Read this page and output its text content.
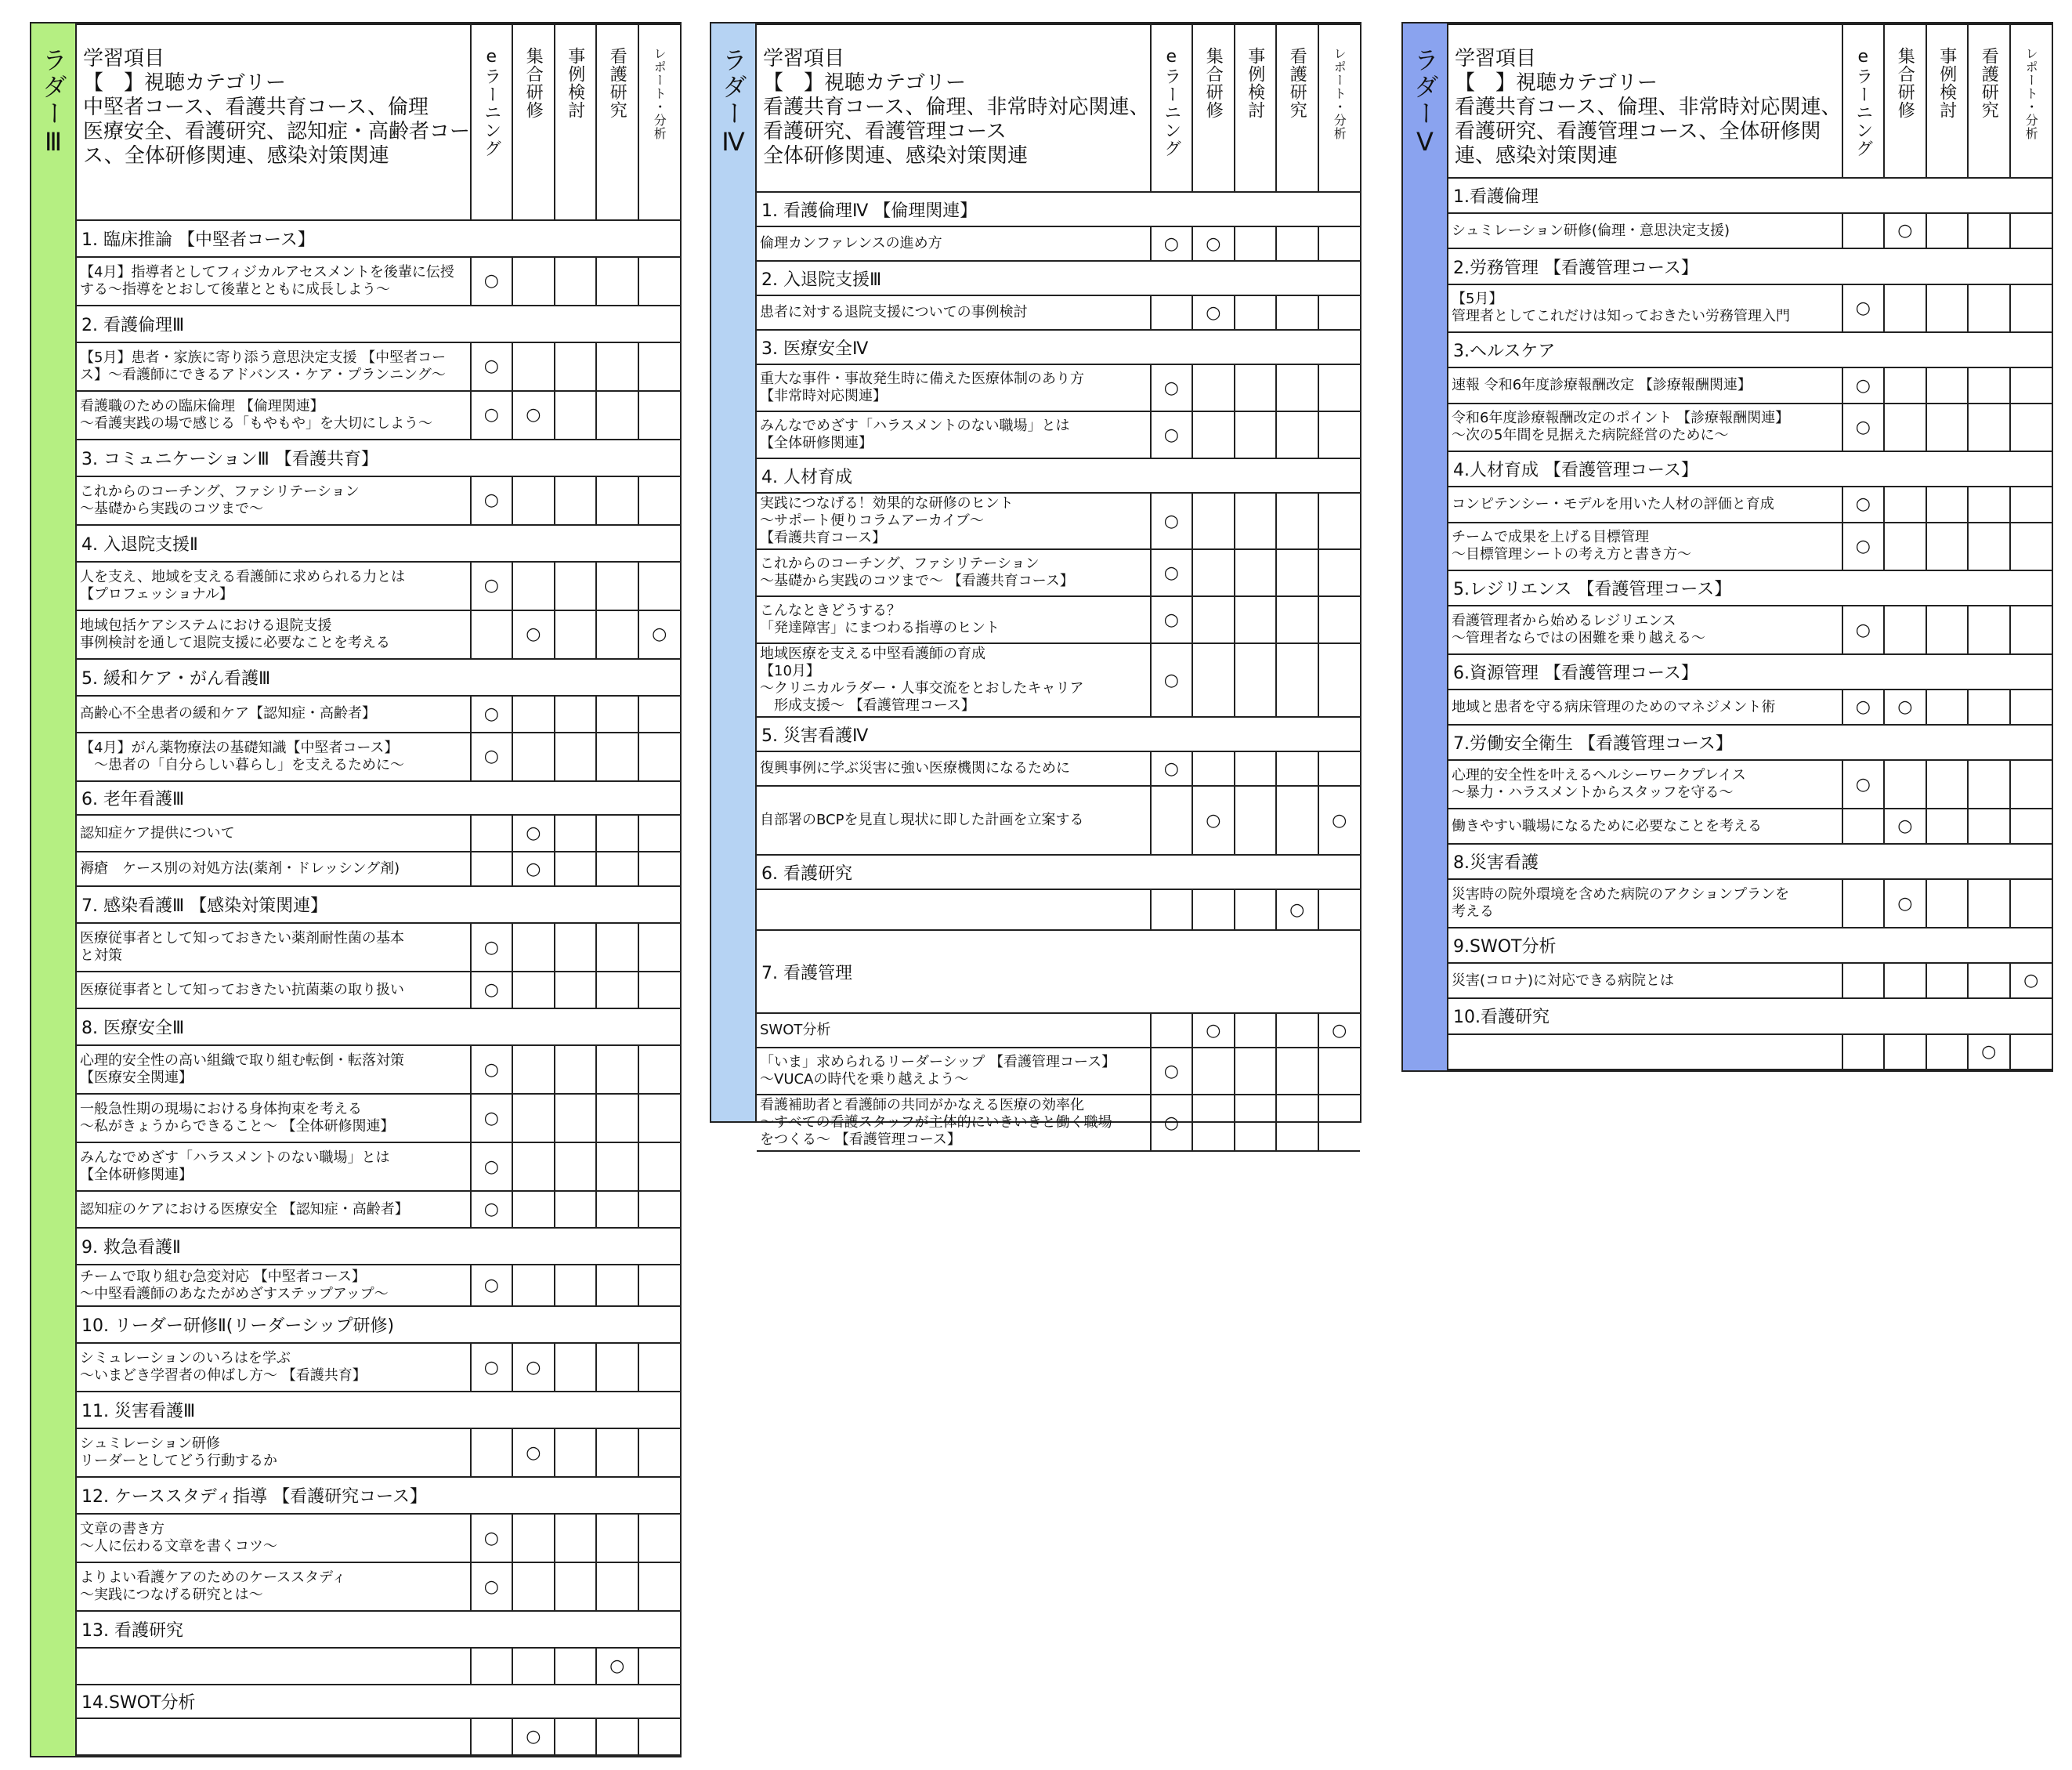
ラダーⅢ 学習項目
【　】視聴カテゴリー
中堅者コース、看護共育コース、倫理
医療安全、看護研究、認知症・高齢者コー
ス、全体研修関連、感染対策関連	eラーニング	集合研修	事例検討	看護研究	レポート・分析
1. 臨床推論 【中堅者コース】					

【4月】指導者としてフィジカルアセスメントを後輩に伝授
する～指導をとおして後輩とともに成長しよう～	○				
2. 看護倫理Ⅲ					

【5月】患者・家族に寄り添う意思決定支援 【中堅者コー
ス】～看護師にできるアドバンス・ケア・プランニング～	○				

看護職のための臨床倫理 【倫理関連】
～看護実践の場で感じる「もやもや」を大切にしよう～	○	○			
3. コミュニケーションⅢ 【看護共育】					

これからのコーチング、ファシリテーション
～基礎から実践のコツまで～	○				
4. 入退院支援Ⅱ					

人を支え、地域を支える看護師に求められる力とは
【プロフェッショナル】	○				

地域包括ケアシステムにおける退院支援
事例検討を通して退院支援に必要なことを考える		○			○
5. 緩和ケア・がん看護Ⅲ					

高齢心不全患者の緩和ケア【認知症・高齢者】	○				

【4月】がん薬物療法の基礎知識【中堅者コース】
　～患者の「自分らしい暮らし」を支えるために～	○				
6. 老年看護Ⅲ					

認知症ケア提供について		○			

褥瘡　ケース別の対処方法(薬剤・ドレッシング剤)		○			
7. 感染看護Ⅲ 【感染対策関連】					

医療従事者として知っておきたい薬剤耐性菌の基本
と対策	○				

医療従事者として知っておきたい抗菌薬の取り扱い	○				
8. 医療安全Ⅲ					

心理的安全性の高い組織で取り組む転倒・転落対策
【医療安全関連】	○				

一般急性期の現場における身体拘束を考える
～私がきょうからできること～ 【全体研修関連】	○				

みんなでめざす「ハラスメントのない職場」とは
【全体研修関連】	○				

認知症のケアにおける医療安全 【認知症・高齢者】	○				
9. 救急看護Ⅱ					

チームで取り組む急変対応 【中堅者コース】
～中堅看護師のあなたがめざすステップアップ～	○				
10. リーダー研修Ⅱ(リーダーシップ研修)					

シミュレーションのいろはを学ぶ
～いまどき学習者の伸ばし方～ 【看護共育】	○	○			
11. 災害看護Ⅲ					

シュミレーション研修
リーダーとしてどう行動するか		○			
12. ケーススタディ指導 【看護研究コース】					

文章の書き方
～人に伝わる文章を書くコツ～	○				

よりよい看護ケアのためのケーススタディ
～実践につなげる研究とは～	○				
13. 看護研究					

				○	
14.SWOT分析					

		○			
ラダーⅣ 学習項目
【　】視聴カテゴリー
看護共育コース、倫理、非常時対応関連、
看護研究、看護管理コース
全体研修関連、感染対策関連	eラーニング	集合研修	事例検討	看護研究	レポート・分析
1. 看護倫理Ⅳ 【倫理関連】					

倫理カンファレンスの進め方	○	○			
2. 入退院支援Ⅲ					

患者に対する退院支援についての事例検討		○			
3. 医療安全Ⅳ					

重大な事件・事故発生時に備えた医療体制のあり方
【非常時対応関連】	○				

みんなでめざす「ハラスメントのない職場」とは
【全体研修関連】	○				
4. 人材育成					

実践につなげる！効果的な研修のヒント
～サポート便りコラムアーカイブ～
【看護共育コース】	○				

これからのコーチング、ファシリテーション
～基礎から実践のコツまで～ 【看護共育コース】	○				

こんなときどうする？
「発達障害」にまつわる指導のヒント	○				

地域医療を支える中堅看護師の育成
【10月】
～クリニカルラダー・人事交流をとおしたキャリア
　形成支援～ 【看護管理コース】	○				
5. 災害看護Ⅳ					

復興事例に学ぶ災害に強い医療機関になるために	○				

自部署のBCPを見直し現状に即した計画を立案する		○			○
6. 看護研究					

				○	
7. 看護管理					

SWOT分析		○			○

「いま」求められるリーダーシップ 【看護管理コース】
～VUCAの時代を乗り越えよう～	○				

看護補助者と看護師の共同がかなえる医療の効率化
～すべての看護スタッフが主体的にいきいきと働く職場
をつくる～ 【看護管理コース】	○				
ラダーⅤ 学習項目
【　】視聴カテゴリー
看護共育コース、倫理、非常時対応関連、
看護研究、看護管理コース、全体研修関
連、感染対策関連	eラーニング	集合研修	事例検討	看護研究	レポート・分析
1.看護倫理					

シュミレーション研修(倫理・意思決定支援)		○			
2.労務管理 【看護管理コース】					

【5月】
管理者としてこれだけは知っておきたい労務管理入門	○				
3.ヘルスケア					

速報 令和6年度診療報酬改定 【診療報酬関連】	○				

令和6年度診療報酬改定のポイント 【診療報酬関連】
～次の5年間を見据えた病院経営のために～	○				
4.人材育成 【看護管理コース】					

コンピテンシー・モデルを用いた人材の評価と育成	○				

チームで成果を上げる目標管理
～目標管理シートの考え方と書き方～	○				
5.レジリエンス 【看護管理コース】					

看護管理者から始めるレジリエンス
～管理者ならではの困難を乗り越える～	○				
6.資源管理 【看護管理コース】					

地域と患者を守る病床管理のためのマネジメント術	○	○			
7.労働安全衛生 【看護管理コース】					

心理的安全性を叶えるヘルシーワークプレイス
～暴力・ハラスメントからスタッフを守る～	○				

働きやすい職場になるために必要なことを考える		○			
8.災害看護					

災害時の院外環境を含めた病院のアクションプランを
考える		○			
9.SWOT分析					

災害(コロナ)に対応できる病院とは					○
10.看護研究					

				○	
